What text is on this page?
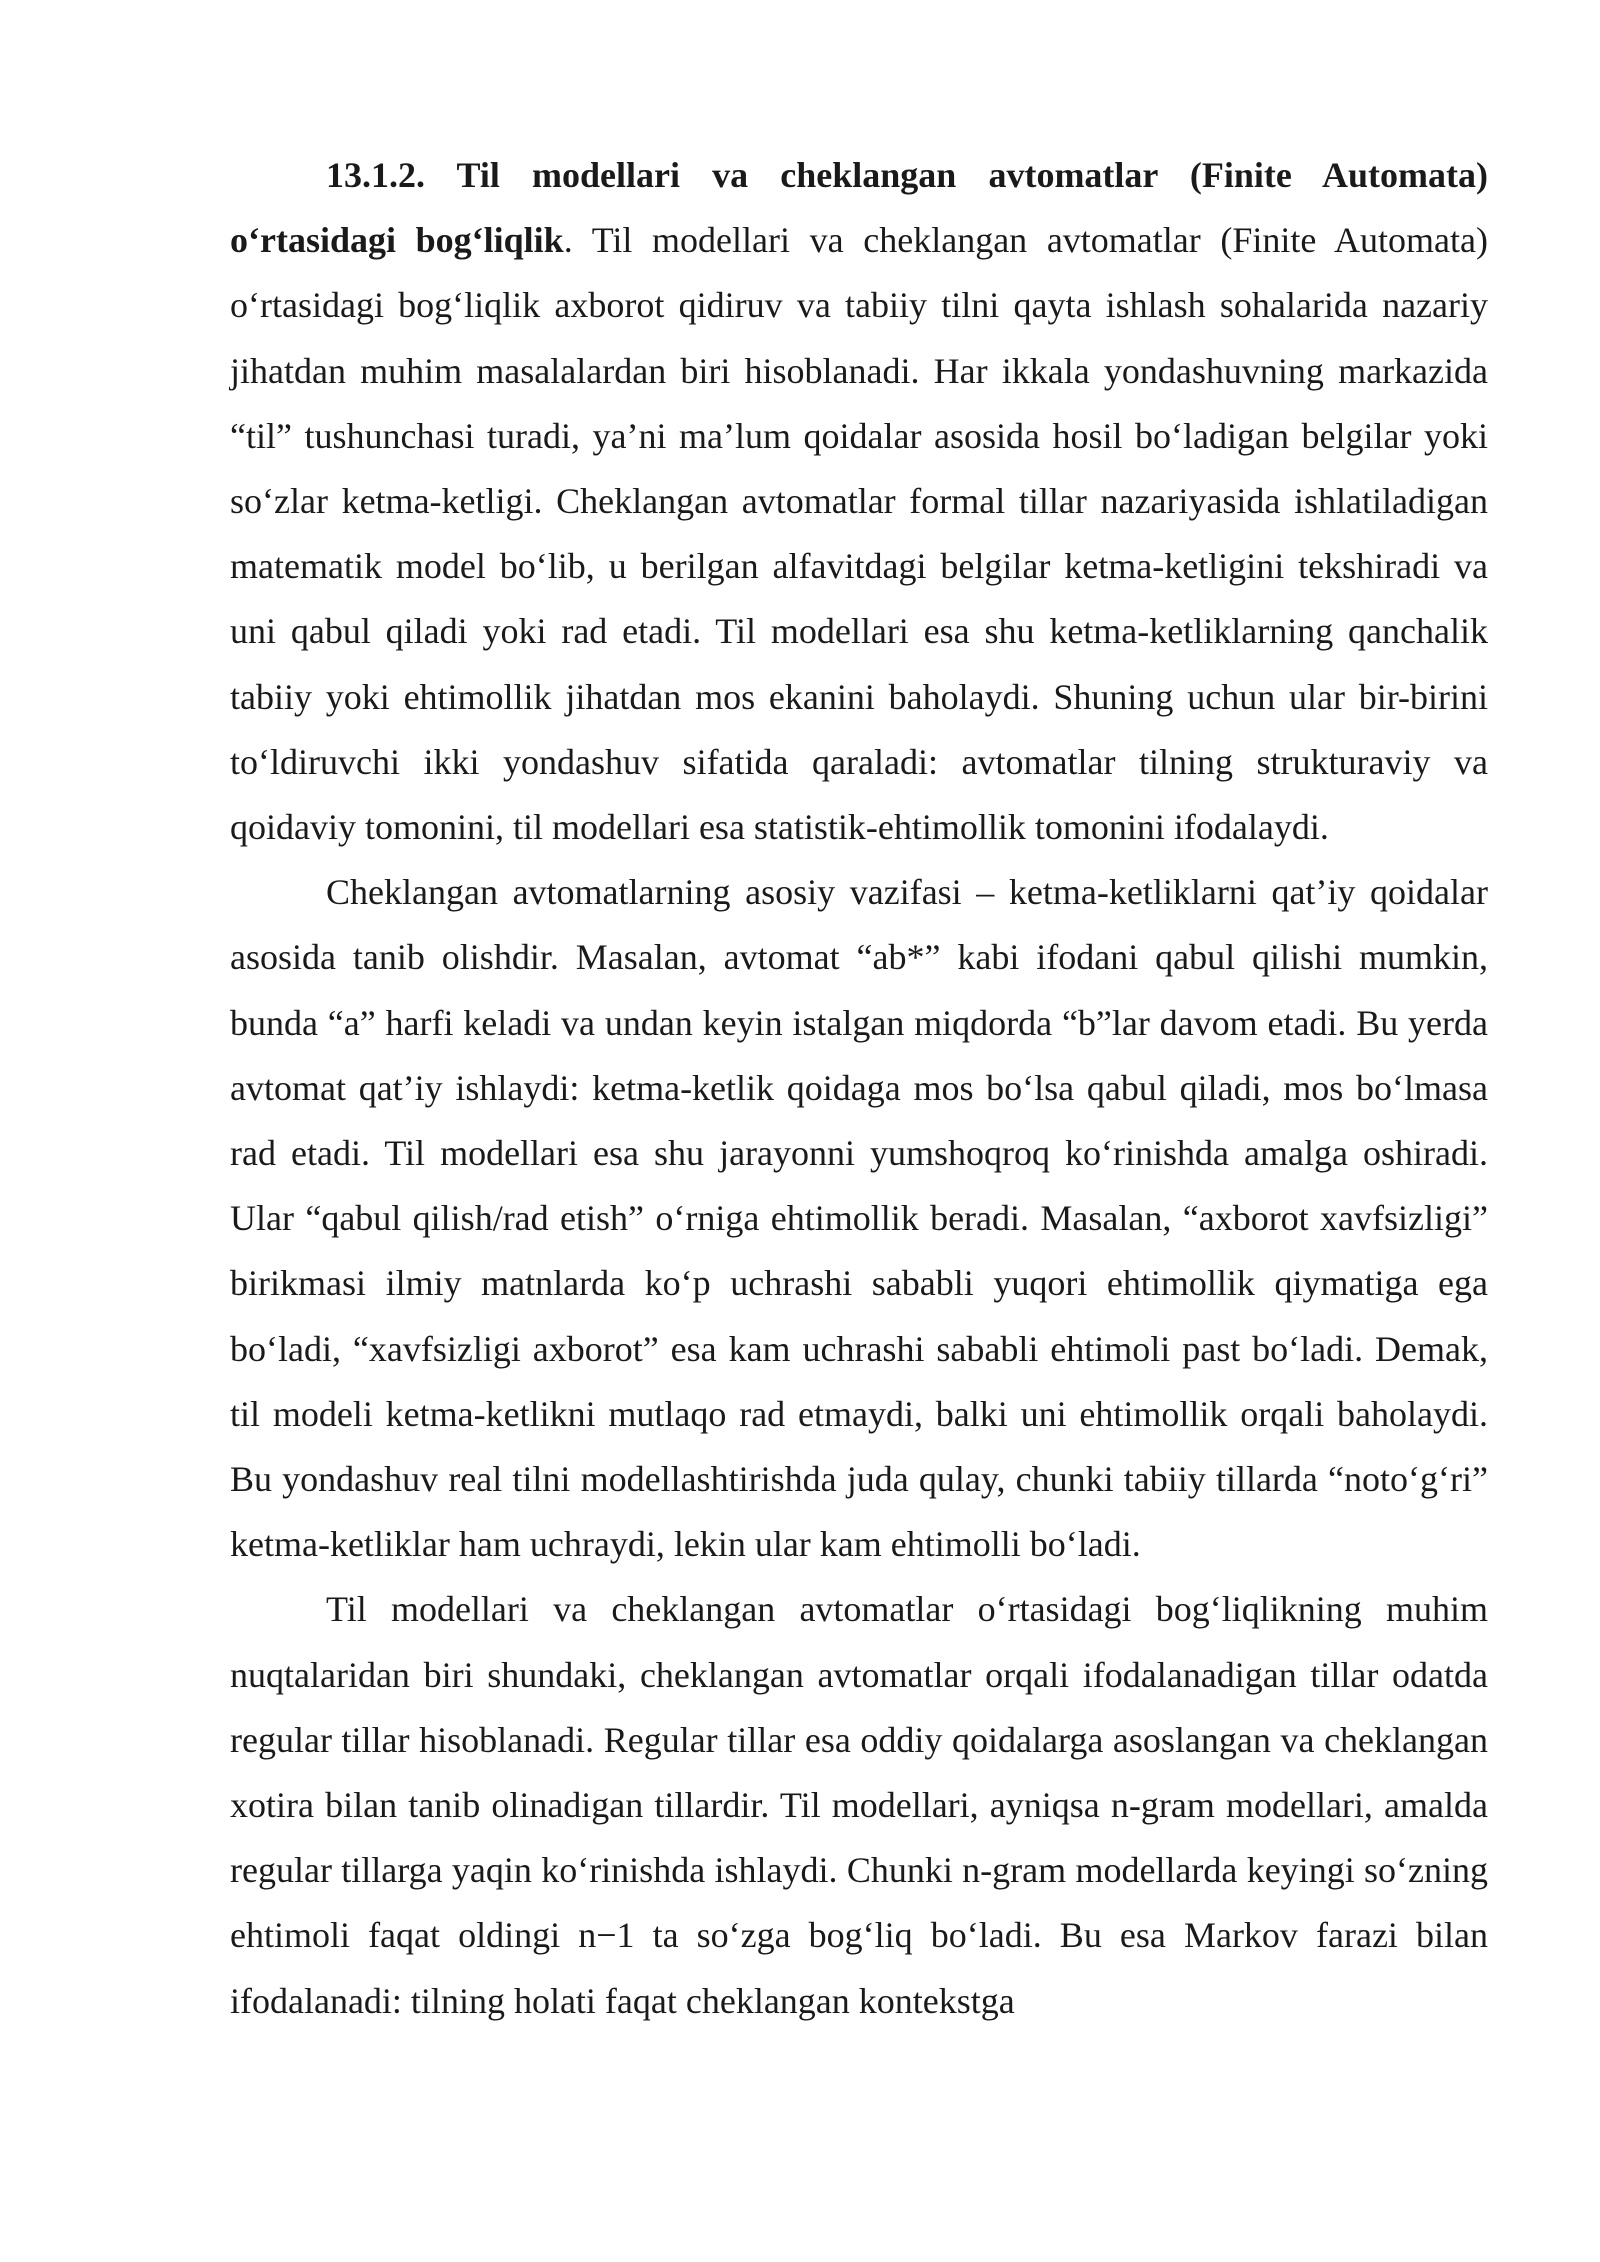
13.1.2. Til modellari va cheklangan avtomatlar (Finite Automata) o‘rtasidagi bog‘liqlik. Til modellari va cheklangan avtomatlar (Finite Automata) o‘rtasidagi bog‘liqlik axborot qidiruv va tabiiy tilni qayta ishlash sohalarida nazariy jihatdan muhim masalalardan biri hisoblanadi. Har ikkala yondashuvning markazida “til” tushunchasi turadi, ya’ni ma’lum qoidalar asosida hosil bo‘ladigan belgilar yoki so‘zlar ketma-ketligi. Cheklangan avtomatlar formal tillar nazariyasida ishlatiladigan matematik model bo‘lib, u berilgan alfavitdagi belgilar ketma-ketligini tekshiradi va uni qabul qiladi yoki rad etadi. Til modellari esa shu ketma-ketliklarning qanchalik tabiiy yoki ehtimollik jihatdan mos ekanini baholaydi. Shuning uchun ular bir-birini to‘ldiruvchi ikki yondashuv sifatida qaraladi: avtomatlar tilning strukturaviy va qoidaviy tomonini, til modellari esa statistik-ehtimollik tomonini ifodalaydi.

Cheklangan avtomatlarning asosiy vazifasi – ketma-ketliklarni qat’iy qoidalar asosida tanib olishdir. Masalan, avtomat “ab*” kabi ifodani qabul qilishi mumkin, bunda “a” harfi keladi va undan keyin istalgan miqdorda “b”lar davom etadi. Bu yerda avtomat qat’iy ishlaydi: ketma-ketlik qoidaga mos bo‘lsa qabul qiladi, mos bo‘lmasa rad etadi. Til modellari esa shu jarayonni yumshoqroq ko‘rinishda amalga oshiradi. Ular “qabul qilish/rad etish” o‘rniga ehtimollik beradi. Masalan, “axborot xavfsizligi” birikmasi ilmiy matnlarda ko‘p uchrashi sababli yuqori ehtimollik qiymatiga ega bo‘ladi, “xavfsizligi axborot” esa kam uchrashi sababli ehtimoli past bo‘ladi. Demak, til modeli ketma-ketlikni mutlaqo rad etmaydi, balki uni ehtimollik orqali baholaydi. Bu yondashuv real tilni modellashtirishda juda qulay, chunki tabiiy tillarda “noto‘g‘ri” ketma-ketliklar ham uchraydi, lekin ular kam ehtimolli bo‘ladi.

Til modellari va cheklangan avtomatlar o‘rtasidagi bog‘liqlikning muhim nuqtalaridan biri shundaki, cheklangan avtomatlar orqali ifodalanadigan tillar odatda regular tillar hisoblanadi. Regular tillar esa oddiy qoidalarga asoslangan va cheklangan xotira bilan tanib olinadigan tillardir. Til modellari, ayniqsa n-gram modellari, amalda regular tillarga yaqin ko‘rinishda ishlaydi. Chunki n-gram modellarda keyingi so‘zning ehtimoli faqat oldingi n−1 ta so‘zga bog‘liq bo‘ladi. Bu esa Markov farazi bilan ifodalanadi: tilning holati faqat cheklangan kontekstga
